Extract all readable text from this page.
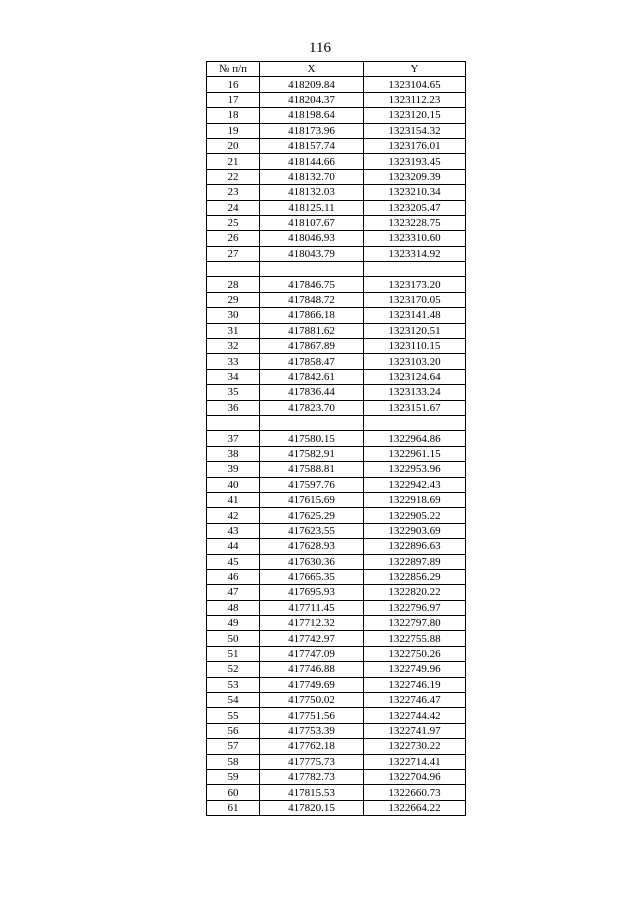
116
№ п/п	X	Y
16	418209.84	1323104.65
17	418204.37	1323112.23
18	418198.64	1323120.15
19	418173.96	1323154.32
20	418157.74	1323176.01
21	418144.66	1323193.45
22	418132.70	1323209.39
23	418132.03	1323210.34
24	418125.11	1323205.47
25	418107.67	1323228.75
26	418046.93	1323310.60
27	418043.79	1323314.92

28	417846.75	1323173.20
29	417848.72	1323170.05
30	417866.18	1323141.48
31	417881.62	1323120.51
32	417867.89	1323110.15
33	417858.47	1323103.20
34	417842.61	1323124.64
35	417836.44	1323133.24
36	417823.70	1323151.67

37	417580.15	1322964.86
38	417582.91	1322961.15
39	417588.81	1322953.96
40	417597.76	1322942.43
41	417615.69	1322918.69
42	417625.29	1322905.22
43	417623.55	1322903.69
44	417628.93	1322896.63
45	417630.36	1322897.89
46	417665.35	1322856.29
47	417695.93	1322820.22
48	417711.45	1322796.97
49	417712.32	1322797.80
50	417742.97	1322755.88
51	417747.09	1322750.26
52	417746.88	1322749.96
53	417749.69	1322746.19
54	417750.02	1322746.47
55	417751.56	1322744.42
56	417753.39	1322741.97
57	417762.18	1322730.22
58	417775.73	1322714.41
59	417782.73	1322704.96
60	417815.53	1322660.73
61	417820.15	1322664.22
